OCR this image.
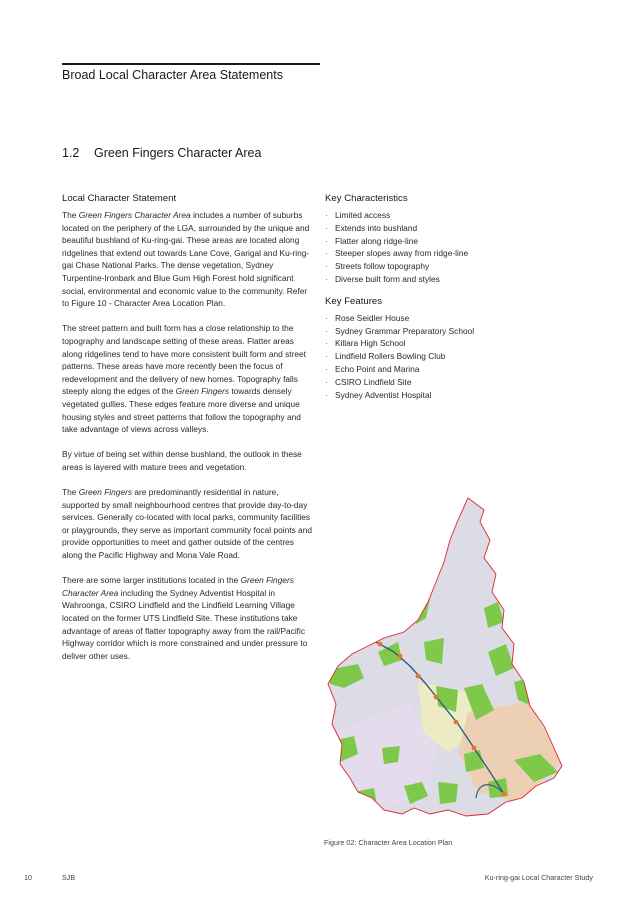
Broad Local Character Area Statements
1.2 Green Fingers Character Area
Local Character Statement

The Green Fingers Character Area includes a number of suburbs located on the periphery of the LGA, surrounded by the unique and beautiful bushland of Ku-ring-gai. These areas are located along ridgelines that extend out towards Lane Cove, Garigal and Ku-ring-gai Chase National Parks. The dense vegetation, Sydney Turpentine-Ironbark and Blue Gum High Forest hold significant social, environmental and economic value to the community. Refer to Figure 10 - Character Area Location Plan.

The street pattern and built form has a close relationship to the topography and landscape setting of these areas. Flatter areas along ridgelines tend to have more consistent built form and street patterns. These areas have more recently been the focus of redevelopment and the delivery of new homes. Topography falls steeply along the edges of the Green Fingers towards densely vegetated gullies. These edges feature more diverse and unique housing styles and street patterns that follow the topography and take advantage of views across valleys.

By virtue of being set within dense bushland, the outlook in these areas is layered with mature trees and vegetation.

The Green Fingers are predominantly residential in nature, supported by small neighbourhood centres that provide day-to-day services. Generally co-located with local parks, community facilities or playgrounds, they serve as important community focal points and provide opportunities to meet and gather outside of the centres along the Pacific Highway and Mona Vale Road.

There are some larger institutions located in the Green Fingers Character Area including the Sydney Adventist Hospital in Wahroonga, CSIRO Lindfield and the Lindfield Learning Village located on the former UTS Lindfield Site. These institutions take advantage of areas of flatter topography away from the rail/Pacific Highway corridor which is more constrained and under pressure to deliver other uses.

Key Characteristics
· Limited access
· Extends into bushland
· Flatter along ridge-line
· Steeper slopes away from ridge-line
· Streets follow topography
· Diverse built form and styles
Key Features
· Rose Seidler House
· Sydney Grammar Preparatory School
· Killara High School
· Lindfield Rollers Bowling Club
· Echo Point and Marina
· CSIRO Lindfield Site
· Sydney Adventist Hospital
Figure 02: Character Area Location Plan
10	SJB	Ku-ring-gai Local Character Study
